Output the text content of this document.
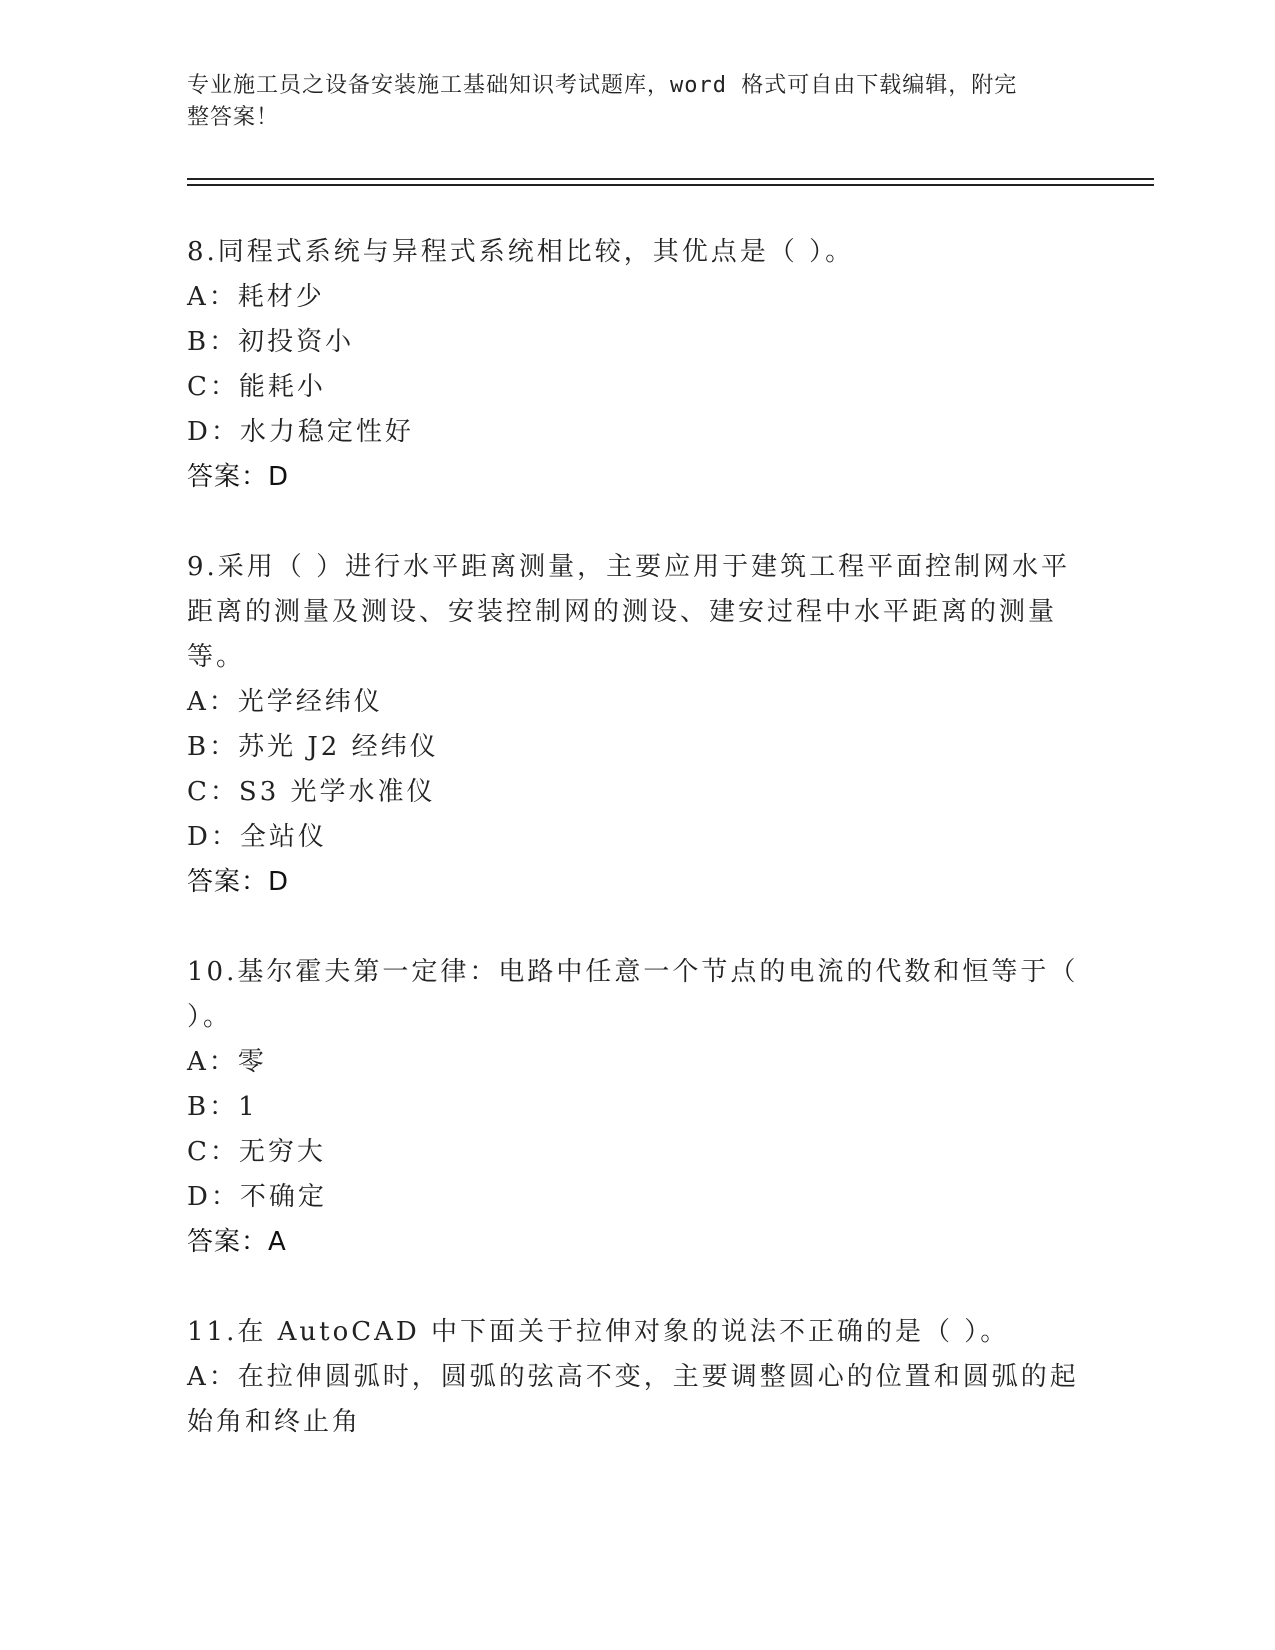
专业施工员之设备安装施工基础知识考试题库，word 格式可自由下载编辑，附完
整答案！
8.同程式系统与异程式系统相比较，其优点是（ ）。
A：耗材少
B：初投资小
C：能耗小
D：水力稳定性好
答案：D
9.采用（ ）进行水平距离测量，主要应用于建筑工程平面控制网水平
距离的测量及测设、安装控制网的测设、建安过程中水平距离的测量
等。
A：光学经纬仪
B：苏光 J2 经纬仪
C：S3 光学水准仪
D：全站仪
答案：D
10.基尔霍夫第一定律：电路中任意一个节点的电流的代数和恒等于（
）。
A：零
B：1
C：无穷大
D：不确定
答案：A
11.在 AutoCAD 中下面关于拉伸对象的说法不正确的是（ ）。
A：在拉伸圆弧时，圆弧的弦高不变，主要调整圆心的位置和圆弧的起
始角和终止角
